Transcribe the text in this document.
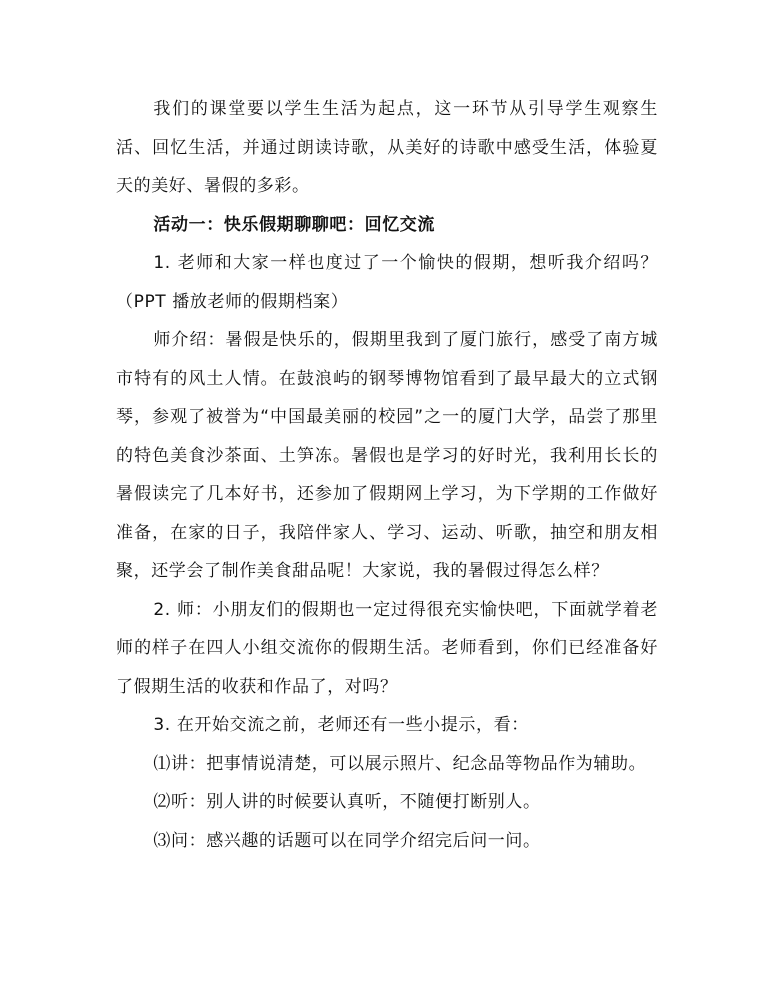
我们的课堂要以学生生活为起点，这一环节从引导学生观察生活、回忆生活，并通过朗读诗歌，从美好的诗歌中感受生活，体验夏天的美好、暑假的多彩。

活动一：快乐假期聊聊吧：回忆交流

1. 老师和大家一样也度过了一个愉快的假期，想听我介绍吗？（PPT 播放老师的假期档案）

师介绍：暑假是快乐的，假期里我到了厦门旅行，感受了南方城市特有的风土人情。在鼓浪屿的钢琴博物馆看到了最早最大的立式钢琴，参观了被誉为“中国最美丽的校园”之一的厦门大学，品尝了那里的特色美食沙茶面、土笋冻。暑假也是学习的好时光，我利用长长的暑假读完了几本好书，还参加了假期网上学习，为下学期的工作做好准备，在家的日子，我陪伴家人、学习、运动、听歌，抽空和朋友相聚，还学会了制作美食甜品呢！大家说，我的暑假过得怎么样？

2. 师：小朋友们的假期也一定过得很充实愉快吧，下面就学着老师的样子在四人小组交流你的假期生活。老师看到，你们已经准备好了假期生活的收获和作品了，对吗？

3. 在开始交流之前，老师还有一些小提示，看：

⑴讲：把事情说清楚，可以展示照片、纪念品等物品作为辅助。

⑵听：别人讲的时候要认真听，不随便打断别人。

⑶问：感兴趣的话题可以在同学介绍完后问一问。
